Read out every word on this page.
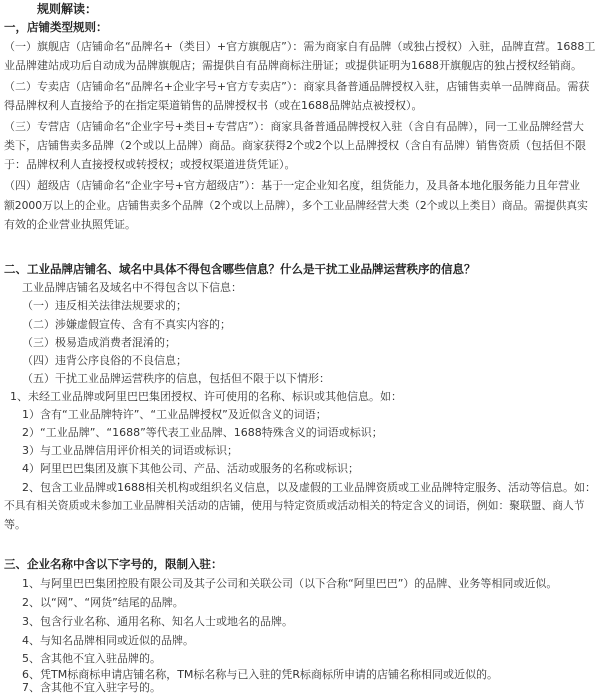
规则解读：
一，店铺类型规则：
（一）旗舰店（店铺命名“品牌名+（类目）+官方旗舰店”）：需为商家自有品牌（或独占授权）入驻，品牌直营。1688工
业品牌建站成功后自动成为品牌旗舰店；需提供自有品牌商标注册证；或提供证明为1688开旗舰店的独占授权经销商。
（二）专卖店（店铺命名“品牌名+企业字号+官方专卖店”）：商家具备普通品牌授权入驻，店铺售卖单一品牌商品。需获
得品牌权利人直接给予的在指定渠道销售的品牌授权书（或在1688品牌站点被授权）。
（三）专营店（店铺命名“企业字号+类目+专营店”）：商家具备普通品牌授权入驻（含自有品牌），同一工业品牌经营大
类下，店铺售卖多品牌（2个或以上品牌）商品。商家获得2个或2个以上品牌授权（含自有品牌）销售资质（包括但不限
于：品牌权利人直接授权或转授权；或授权渠道进货凭证）。
（四）超级店（店铺命名“企业字号+官方超级店”）：基于一定企业知名度，组货能力，及具备本地化服务能力且年营业
额2000万以上的企业。店铺售卖多个品牌（2个或以上品牌），多个工业品牌经营大类（2个或以上类目）商品。需提供真实
有效的企业营业执照凭证。
二、工业品牌店铺名、域名中具体不得包含哪些信息？什么是干扰工业品牌运营秩序的信息？
工业品牌店铺名及域名中不得包含以下信息：
（一）违反相关法律法规要求的；
（二）涉嫌虚假宣传、含有不真实内容的；
（三）极易造成消费者混淆的；
（四）违背公序良俗的不良信息；
（五）干扰工业品牌运营秩序的信息，包括但不限于以下情形：
1、未经工业品牌或阿里巴巴集团授权、许可使用的名称、标识或其他信息。如：
1）含有“工业品牌特许”、“工业品牌授权”及近似含义的词语；
2）“工业品牌”、“1688”等代表工业品牌、1688特殊含义的词语或标识；
3）与工业品牌信用评价相关的词语或标识；
4）阿里巴巴集团及旗下其他公司、产品、活动或服务的名称或标识；
2、包含工业品牌或1688相关机构或组织名义信息，以及虚假的工业品牌资质或工业品牌特定服务、活动等信息。如：
不具有相关资质或未参加工业品牌相关活动的店铺，使用与特定资质或活动相关的特定含义的词语，例如：聚联盟、商人节
等。
三、企业名称中含以下字号的，限制入驻：
1、与阿里巴巴集团控股有限公司及其子公司和关联公司（以下合称“阿里巴巴”）的品牌、业务等相同或近似。
2、以“网”、“网货”结尾的品牌。
3、包含行业名称、通用名称、知名人士或地名的品牌。
4、与知名品牌相同或近似的品牌。
5、含其他不宜入驻品牌的。
6、凭TM标商标申请店铺名称，TM标名称与已入驻的凭R标商标所申请的店铺名称相同或近似的。
7、含其他不宜入驻字号的。
